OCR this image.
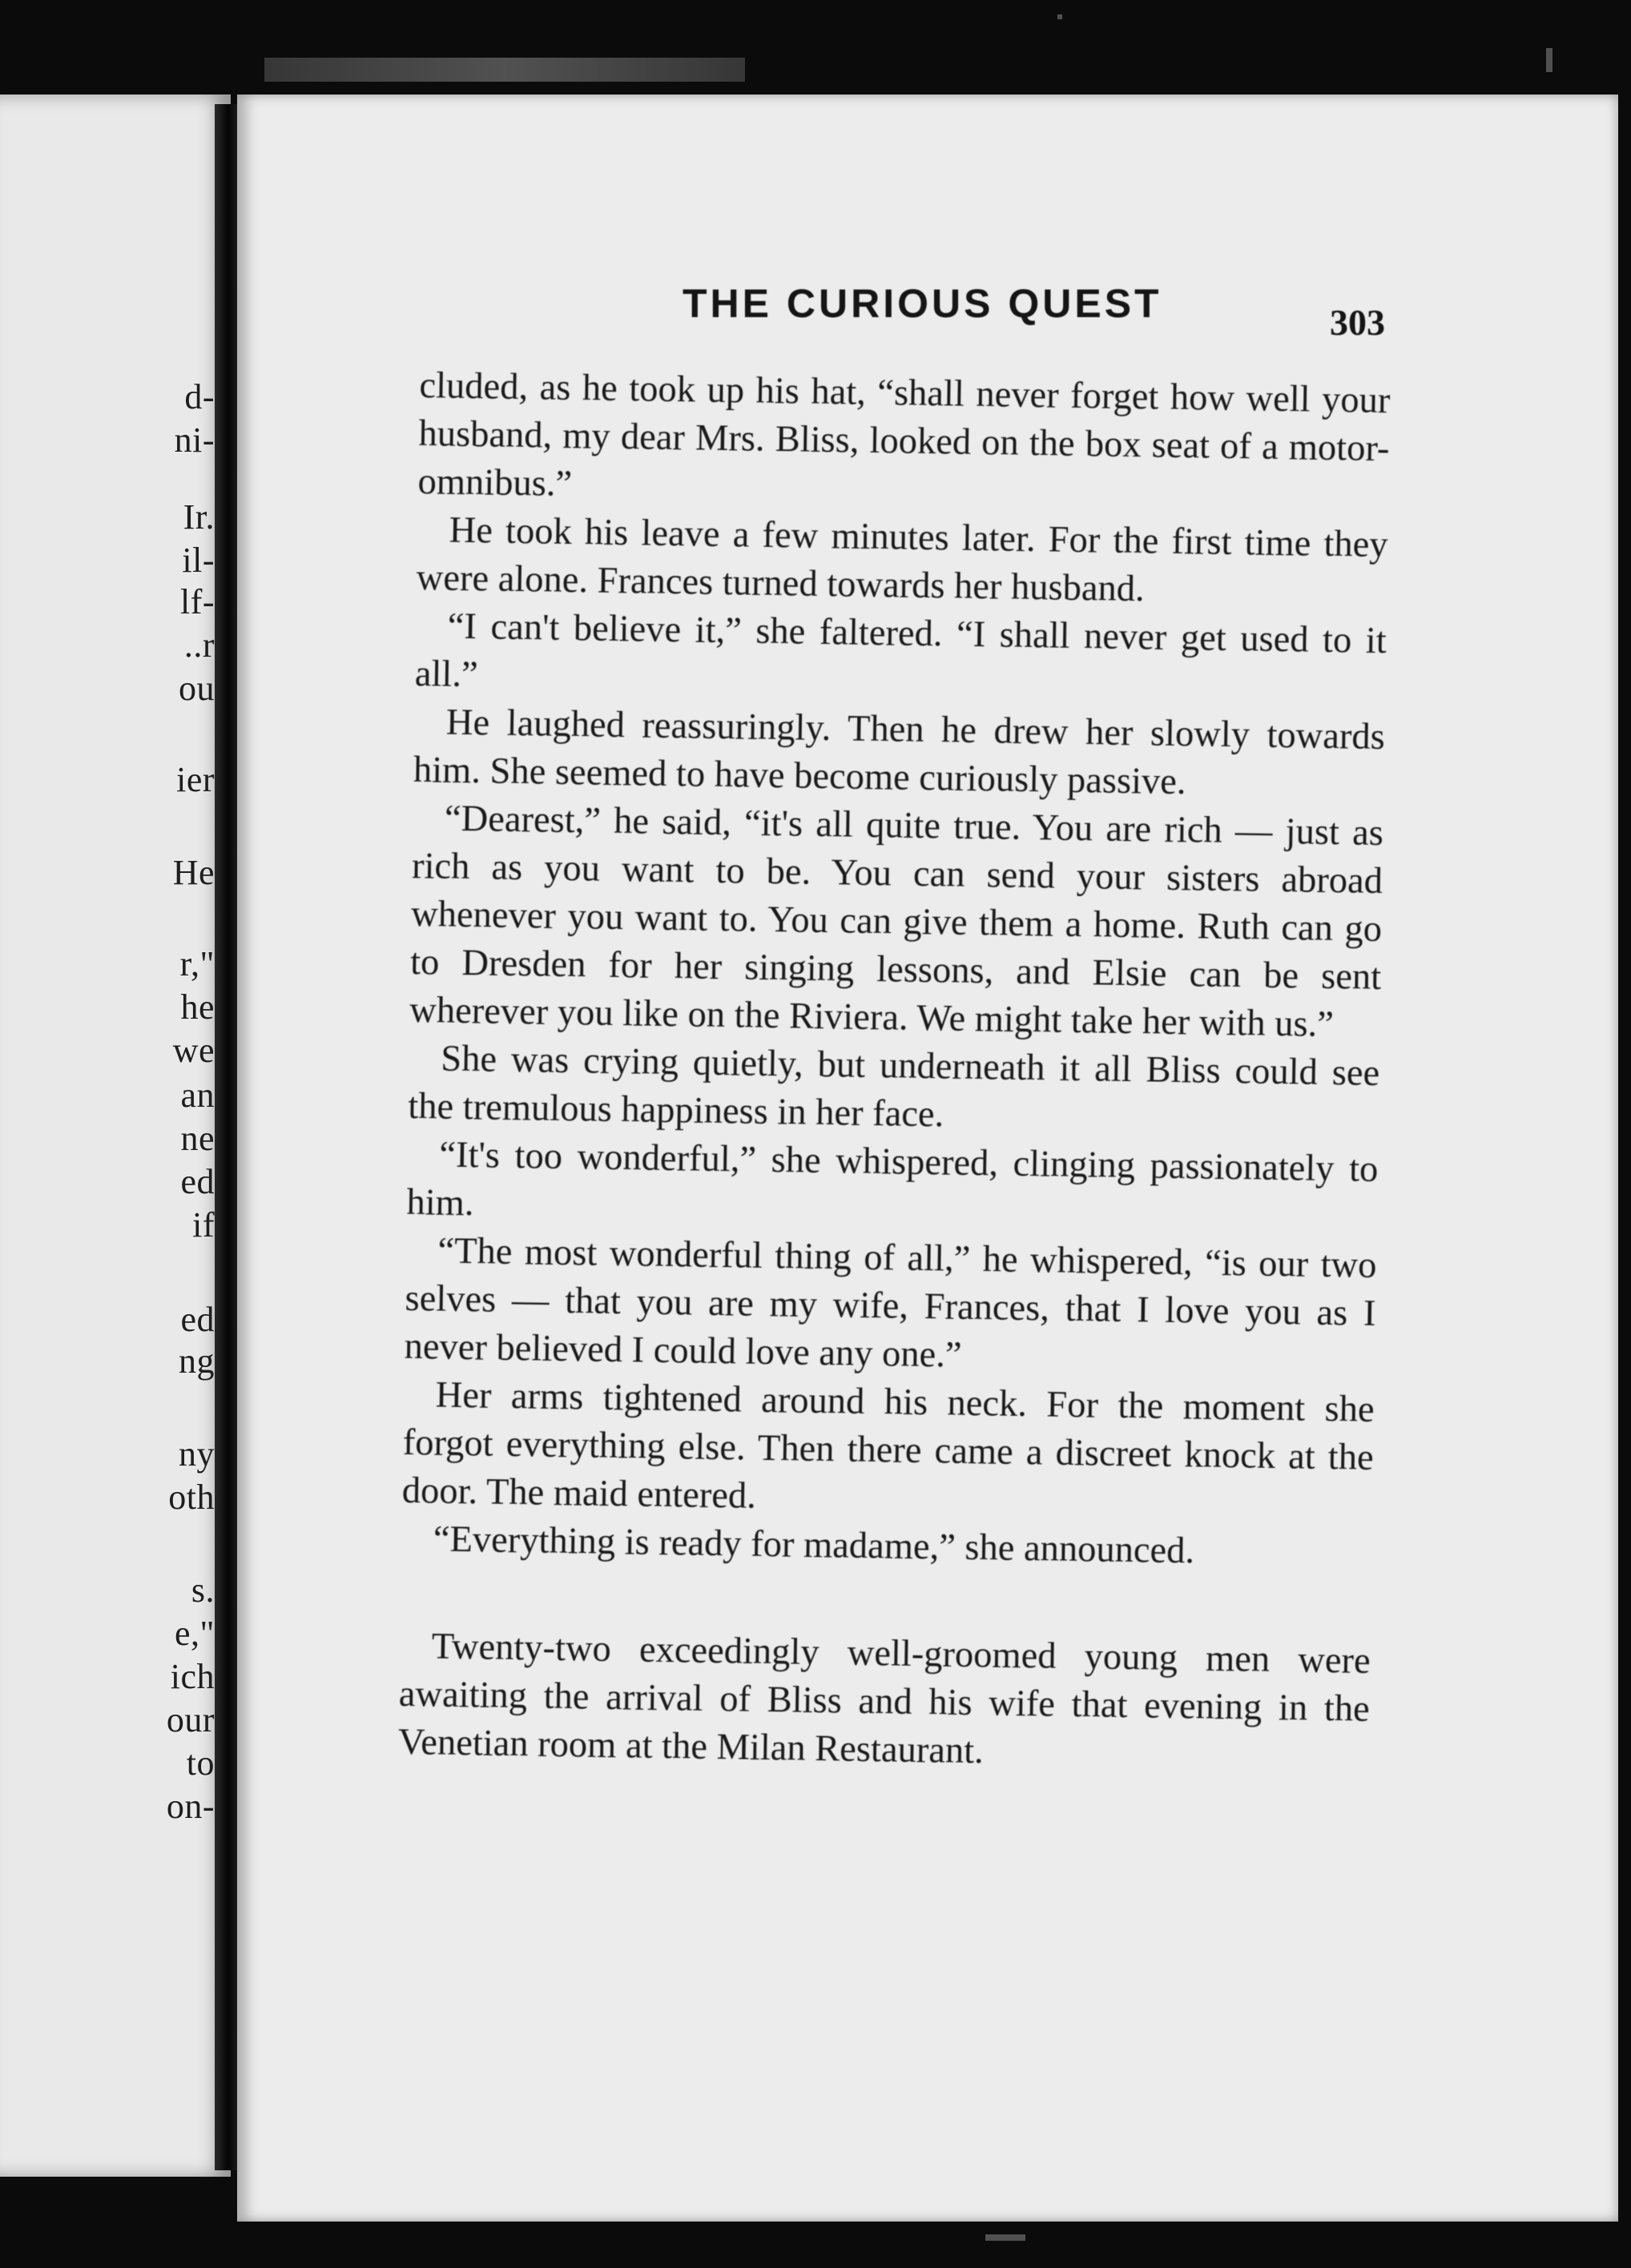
d-
ni-
Ir.
il-
lf-
..r
ou
ier
He
r,"
he
we
an
ne
ed
if
ed
ng
ny
oth
s.
e,"
ich
our
to
on-
THE CURIOUS QUEST	303

cluded, as he took up his hat, “shall never forget how well your husband, my dear Mrs. Bliss, looked on the box seat of a motor-omnibus.”

He took his leave a few minutes later. For the first time they were alone. Frances turned towards her husband.

“I can't believe it,” she faltered. “I shall never get used to it all.”

He laughed reassuringly. Then he drew her slowly towards him. She seemed to have become curiously passive.

“Dearest,” he said, “it's all quite true. You are rich — just as rich as you want to be. You can send your sisters abroad whenever you want to. You can give them a home. Ruth can go to Dresden for her singing lessons, and Elsie can be sent wherever you like on the Riviera. We might take her with us.”

She was crying quietly, but underneath it all Bliss could see the tremulous happiness in her face.

“It's too wonderful,” she whispered, clinging passionately to him.

“The most wonderful thing of all,” he whispered, “is our two selves — that you are my wife, Frances, that I love you as I never believed I could love any one.”

Her arms tightened around his neck. For the moment she forgot everything else. Then there came a discreet knock at the door. The maid entered.

“Everything is ready for madame,” she announced.

Twenty-two exceedingly well-groomed young men were awaiting the arrival of Bliss and his wife that evening in the Venetian room at the Milan Restaurant.
